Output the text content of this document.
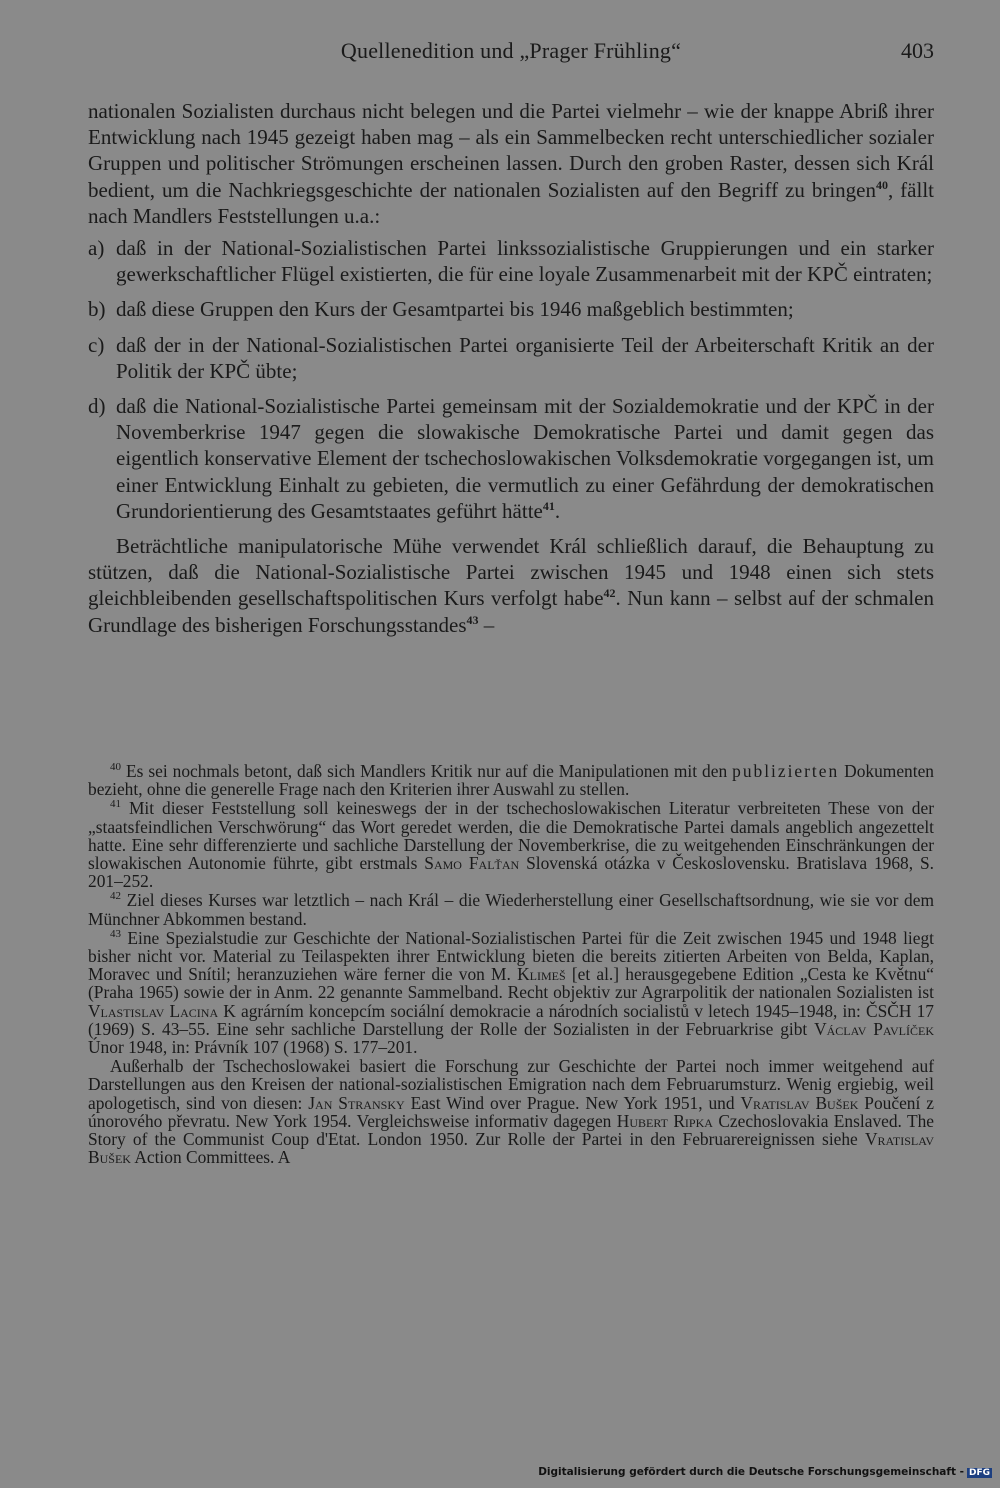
Quellenedition und „Prager Frühling“	403

nationalen Sozialisten durchaus nicht belegen und die Partei vielmehr – wie der knappe Abriß ihrer Entwicklung nach 1945 gezeigt haben mag – als ein Sammelbecken recht unterschiedlicher sozialer Gruppen und politischer Strömungen erscheinen lassen. Durch den groben Raster, dessen sich Král bedient, um die Nachkriegsgeschichte der nationalen Sozialisten auf den Begriff zu bringen$^{40}$, fällt nach Mandlers Feststellungen u.a.:

a) daß in der National-Sozialistischen Partei linkssozialistische Gruppierungen und ein starker gewerkschaftlicher Flügel existierten, die für eine loyale Zusammenarbeit mit der KPČ eintraten;
b) daß diese Gruppen den Kurs der Gesamtpartei bis 1946 maßgeblich bestimmten;
c) daß der in der National-Sozialistischen Partei organisierte Teil der Arbeiterschaft Kritik an der Politik der KPČ übte;
d) daß die National-Sozialistische Partei gemeinsam mit der Sozialdemokratie und der KPČ in der Novemberkrise 1947 gegen die slowakische Demokratische Partei und damit gegen das eigentlich konservative Element der tschechoslowakischen Volksdemokratie vorgegangen ist, um einer Entwicklung Einhalt zu gebieten, die vermutlich zu einer Gefährdung der demokratischen Grundorientierung des Gesamtstaates geführt hätte$^{41}$.

Beträchtliche manipulatorische Mühe verwendet Král schließlich darauf, die Behauptung zu stützen, daß die National-Sozialistische Partei zwischen 1945 und 1948 einen sich stets gleichbleibenden gesellschaftspolitischen Kurs verfolgt habe$^{42}$. Nun kann – selbst auf der schmalen Grundlage des bisherigen Forschungsstandes$^{43}$ –

$^{40}$ Es sei nochmals betont, daß sich Mandlers Kritik nur auf die Manipulationen mit den publizierten Dokumenten bezieht, ohne die generelle Frage nach den Kriterien ihrer Auswahl zu stellen.

$^{41}$ Mit dieser Feststellung soll keineswegs der in der tschechoslowakischen Literatur verbreiteten These von der „staatsfeindlichen Verschwörung“ das Wort geredet werden, die die Demokratische Partei damals angeblich angezettelt hatte. Eine sehr differenzierte und sachliche Darstellung der Novemberkrise, die zu weitgehenden Einschränkungen der slowakischen Autonomie führte, gibt erstmals Samo Falťan Slovenská otázka v Československu. Bratislava 1968, S. 201–252.

$^{42}$ Ziel dieses Kurses war letztlich – nach Král – die Wiederherstellung einer Gesellschaftsordnung, wie sie vor dem Münchner Abkommen bestand.

$^{43}$ Eine Spezialstudie zur Geschichte der National-Sozialistischen Partei für die Zeit zwischen 1945 und 1948 liegt bisher nicht vor. Material zu Teilaspekten ihrer Entwicklung bieten die bereits zitierten Arbeiten von Belda, Kaplan, Moravec und Snítil; heranzuziehen wäre ferner die von M. Klimeš [et al.] herausgegebene Edition „Cesta ke Květnu“ (Praha 1965) sowie der in Anm. 22 genannte Sammelband. Recht objektiv zur Agrarpolitik der nationalen Sozialisten ist Vlastislav Lacina K agrárním koncepcím sociální demokracie a národních socialistů v letech 1945–1948, in: ČSČH 17 (1969) S. 43–55. Eine sehr sachliche Darstellung der Rolle der Sozialisten in der Februarkrise gibt Václav Pavlíček Únor 1948, in: Právník 107 (1968) S. 177–201.

Außerhalb der Tschechoslowakei basiert die Forschung zur Geschichte der Partei noch immer weitgehend auf Darstellungen aus den Kreisen der national-sozialistischen Emigration nach dem Februarumsturz. Wenig ergiebig, weil apologetisch, sind von diesen: Jan Stransky East Wind over Prague. New York 1951, und Vratislav Bušek Poučení z únorového převratu. New York 1954. Vergleichsweise informativ dagegen Hubert Ripka Czechoslovakia Enslaved. The Story of the Communist Coup d'Etat. London 1950. Zur Rolle der Partei in den Februarereignissen siehe Vratislav Bušek Action Committees. A

Digitalisierung gefördert durch die Deutsche Forschungsgemeinschaft - DFG
